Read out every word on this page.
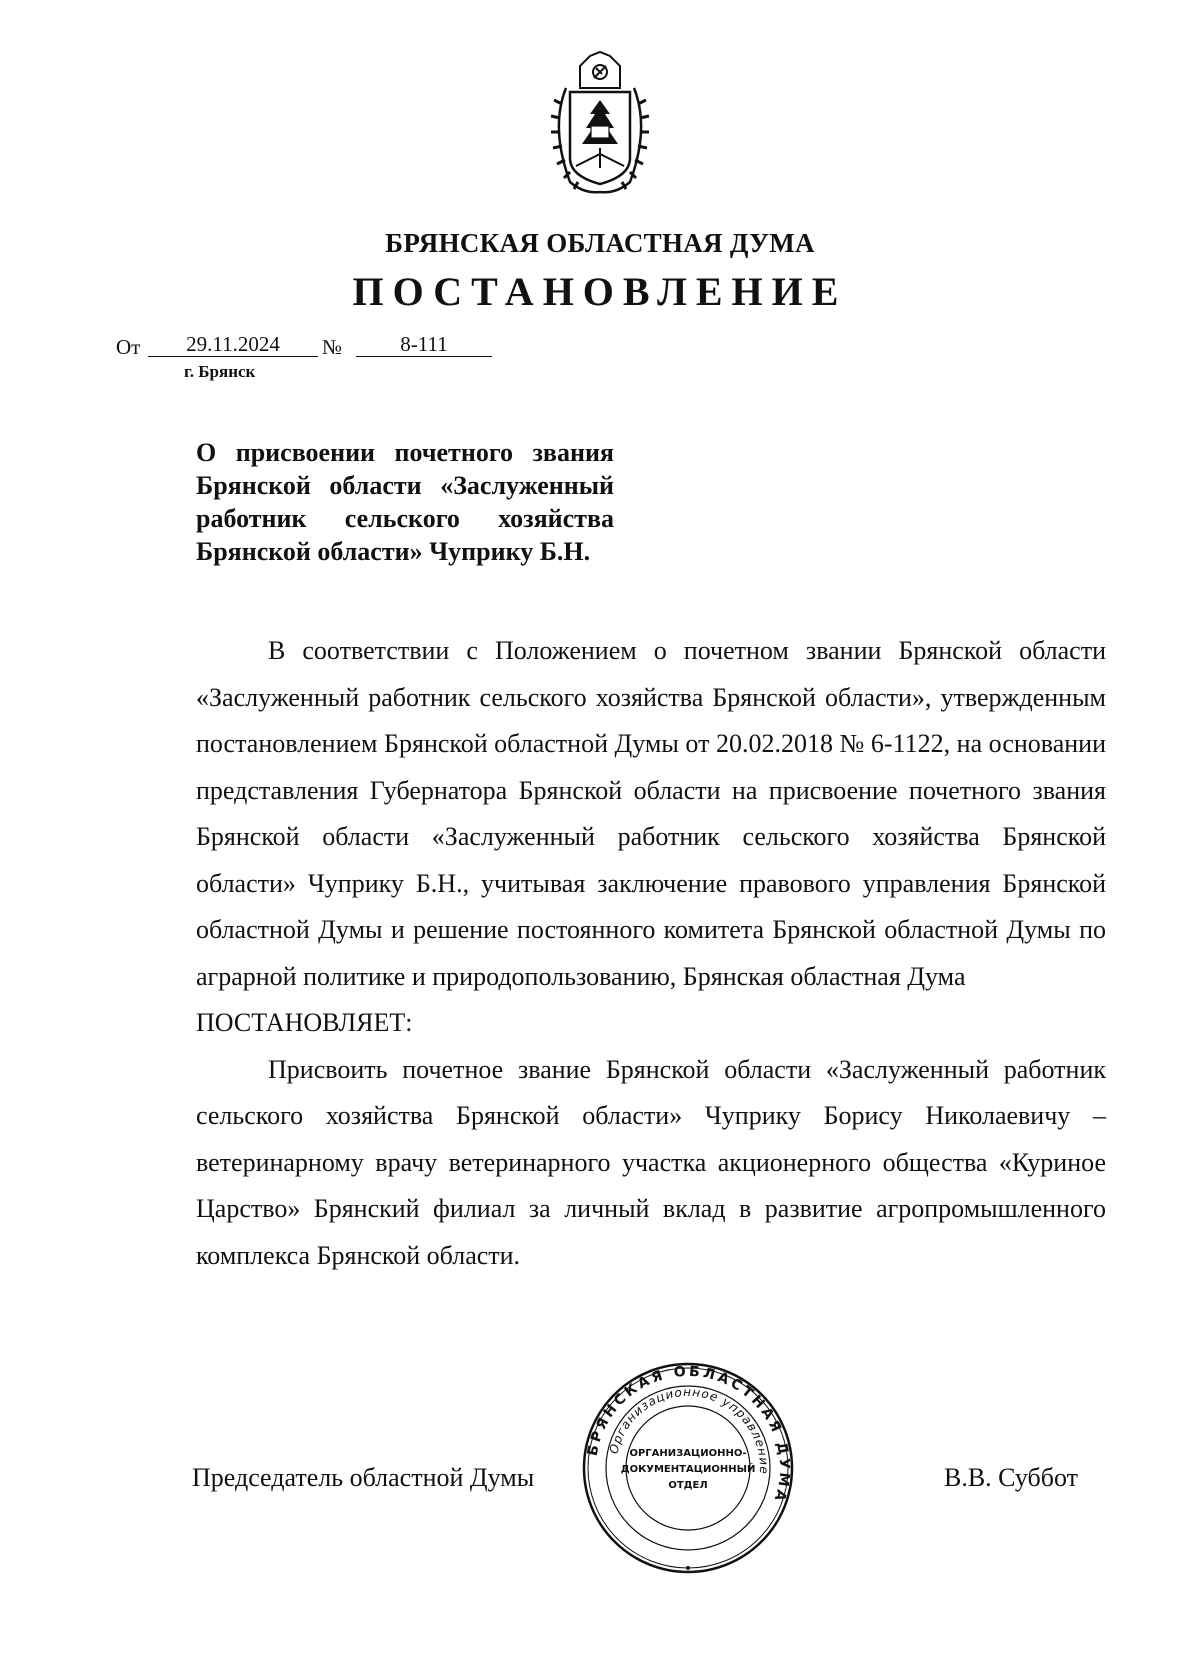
БРЯНСКАЯ ОБЛАСТНАЯ ДУМА
ПОСТАНОВЛЕНИЕ
От	29.11.2024	№	8-111
г. Брянск
О присвоении почетного звания Брянской области «Заслуженный работник сельского хозяйства Брянской области» Чуприку Б.Н.

В соответствии с Положением о почетном звании Брянской области «Заслуженный работник сельского хозяйства Брянской области», утвержденным постановлением Брянской областной Думы от 20.02.2018 № 6-1122, на основании представления Губернатора Брянской области на присвоение почетного звания Брянской области «Заслуженный работник сельского хозяйства Брянской области» Чуприку Б.Н., учитывая заключение правового управления Брянской областной Думы и решение постоянного комитета Брянской областной Думы по аграрной политике и природопользованию, Брянская областная Дума

ПОСТАНОВЛЯЕТ:

Присвоить почетное звание Брянской области «Заслуженный работник сельского хозяйства Брянской области» Чуприку Борису Николаевичу – ветеринарному врачу ветеринарного участка акционерного общества «Куриное Царство» Брянский филиал за личный вклад в развитие агропромышленного комплекса Брянской области.

Председатель областной Думы	В.В. Суббот
БРЯНСКАЯ ОБЛАСТНАЯ ДУМА
Организационное управление
ОРГАНИЗАЦИОННО-
ДОКУМЕНТАЦИОННЫЙ
ОТДЕЛ
